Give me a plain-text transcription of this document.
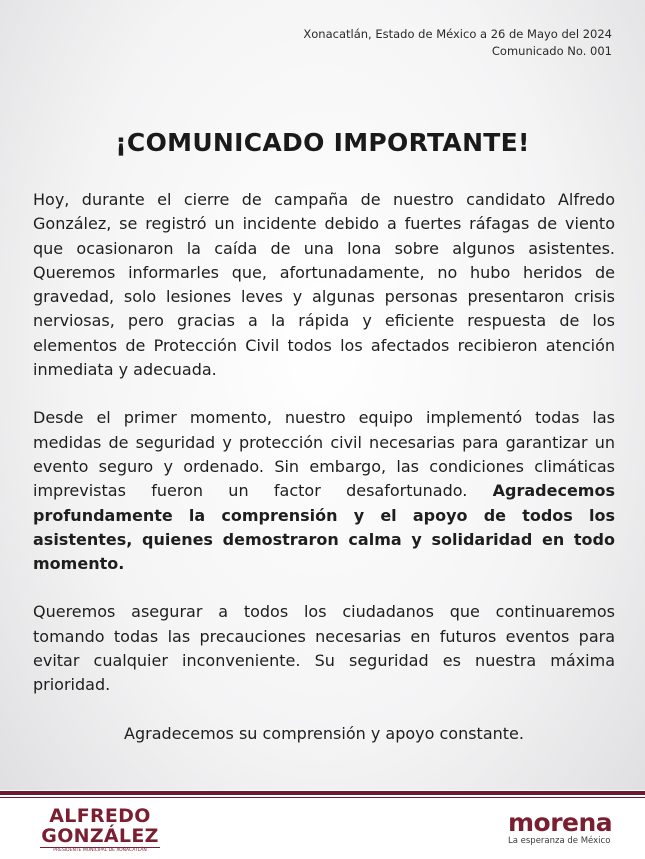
Xonacatlán, Estado de México a 26 de Mayo del 2024
Comunicado No. 001
¡COMUNICADO IMPORTANTE!

Hoy, durante el cierre de campaña de nuestro candidato Alfredo González, se registró un incidente debido a fuertes ráfagas de viento que ocasionaron la caída de una lona sobre algunos asistentes. Queremos informarles que, afortunadamente, no hubo heridos de gravedad, solo lesiones leves y algunas personas presentaron crisis nerviosas, pero gracias a la rápida y eficiente respuesta de los elementos de Protección Civil todos los afectados recibieron atención inmediata y adecuada.

Desde el primer momento, nuestro equipo implementó todas las medidas de seguridad y protección civil necesarias para garantizar un evento seguro y ordenado. Sin embargo, las condiciones climáticas imprevistas fueron un factor desafortunado. Agradecemos profundamente la comprensión y el apoyo de todos los asistentes, quienes demostraron calma y solidaridad en todo momento.

Queremos asegurar a todos los ciudadanos que continuaremos tomando todas las precauciones necesarias en futuros eventos para evitar cualquier inconveniente. Su seguridad es nuestra máxima prioridad.

Agradecemos su comprensión y apoyo constante.

ALFREDO
GONZÁLEZ
PRESIDENTE MUNICIPAL DE XONACATLÁN
morena
La esperanza de México
